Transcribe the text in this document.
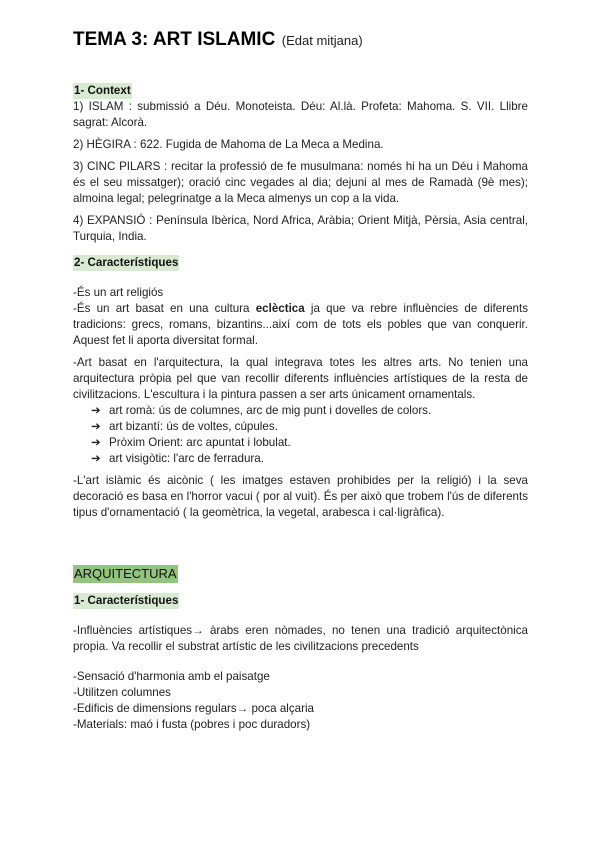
TEMA 3: ART ISLAMIC (Edat mitjana)
1- Context

1) ISLAM : submissió a Déu. Monoteista. Déu: Al.là. Profeta: Mahoma. S. VII. Llibre sagrat: Alcorà.

2) HÈGIRA : 622. Fugida de Mahoma de La Meca a Medina.

3) CINC PILARS : recitar la professió de fe musulmana: només hi ha un Déu i Mahoma és el seu missatger); oració cinc vegades al dia; dejuni al mes de Ramadà (9è mes); almoina legal; pelegrinatge a la Meca almenys un cop a la vida.

4) EXPANSIÓ : Península Ibèrica, Nord Africa, Aràbia; Orient Mitjà, Pèrsia, Asia central, Turquia, India.

2- Característiques

-És un art religiós

-És un art basat en una cultura eclèctica ja que va rebre influències de diferents tradicions: grecs, romans, bizantins...així com de tots els pobles que van conquerir. Aquest fet li aporta diversitat formal.

-Art basat en l'arquitectura, la qual integrava totes les altres arts. No tenien una arquitectura pròpia pel que van recollir diferents influències artístiques de la resta de civilitzacions. L'escultura i la pintura passen a ser arts únicament ornamentals.

➔ art romà: ús de columnes, arc de mig punt i dovelles de colors.
➔ art bizantí: ús de voltes, cúpules.
➔ Pròxim Orient: arc apuntat i lobulat.
➔ art visigòtic: l'arc de ferradura.

-L'art islàmic és aicònic ( les imatges estaven prohibides per la religió) i la seva decoració es basa en l'horror vacui ( por al vuit). És per això que trobem l'ús de diferents tipus d'ornamentació ( la geomètrica, la vegetal, arabesca i cal·ligràfica).

ARQUITECTURA
1- Característiques

-Influències artístiques→ àrabs eren nòmades, no tenen una tradició arquitectònica propia. Va recollir el substrat artístic de les civilitzacions precedents

-Sensació d'harmonia amb el paisatge

-Utilitzen columnes

-Edificis de dimensions regulars→ poca alçaria

-Materials: maó i fusta (pobres i poc duradors)
